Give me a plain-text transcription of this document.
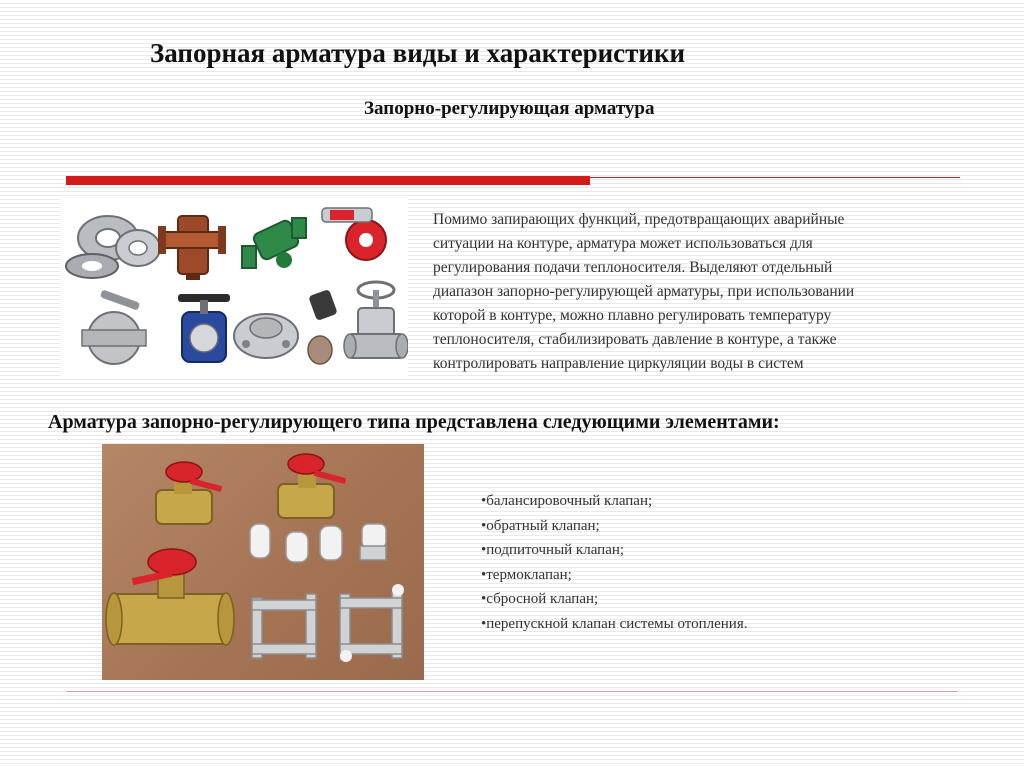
Запорная арматура виды и характеристики
Запорно-регулирующая арматура
Помимо запирающих функций, предотвращающих аварийные
ситуации на контуре, арматура может использоваться для
регулирования подачи теплоносителя. Выделяют отдельный
диапазон запорно-регулирующей арматуры, при использовании
которой в контуре, можно плавно регулировать температуру
теплоносителя, стабилизировать давление в контуре, а также
контролировать направление циркуляции воды в систем
Арматура запорно-регулирующего типа представлена следующими элементами:
•балансировочный клапан;
•обратный клапан;
•подпиточный клапан;
•термоклапан;
•сбросной клапан;
•перепускной клапан системы отопления.
